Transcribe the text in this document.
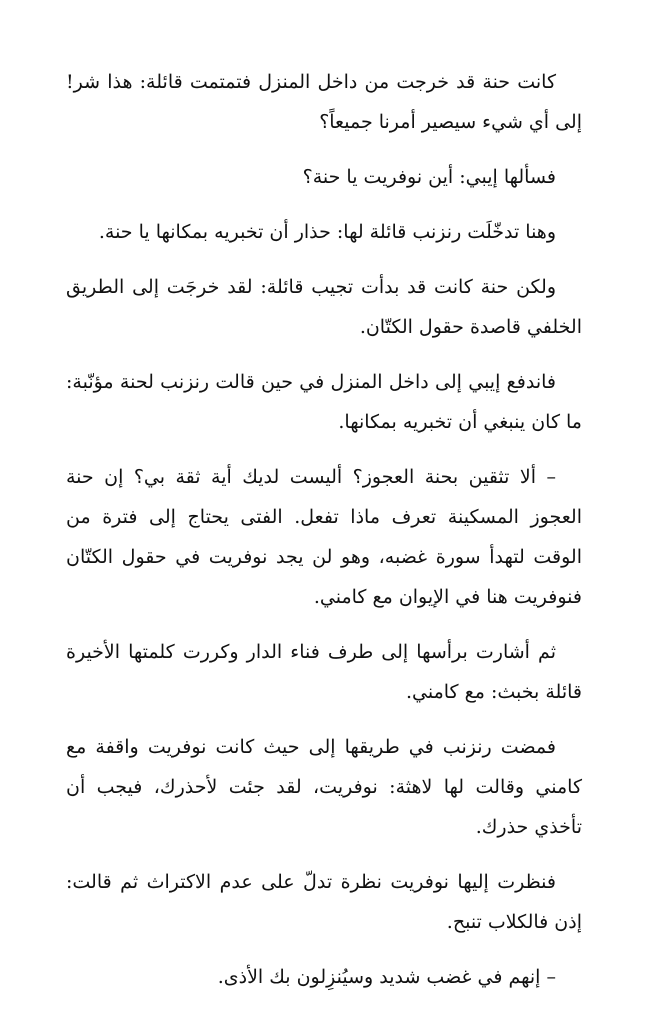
كانت حنة قد خرجت من داخل المنزل فتمتمت قائلة: هذا شر! إلى أي شيء سيصير أمرنا جميعاً؟

فسألها إيبي: أين نوفريت يا حنة؟

وهنا تدخّلَت رنزنب قائلة لها: حذار أن تخبريه بمكانها يا حنة.

ولكن حنة كانت قد بدأت تجيب قائلة: لقد خرجَت إلى الطريق الخلفي قاصدة حقول الكتّان.

فاندفع إيبي إلى داخل المنزل في حين قالت رنزنب لحنة مؤنّبة: ما كان ينبغي أن تخبريه بمكانها.

– ألا تثقين بحنة العجوز؟ أليست لديك أية ثقة بي؟ إن حنة العجوز المسكينة تعرف ماذا تفعل. الفتى يحتاج إلى فترة من الوقت لتهدأ سورة غضبه، وهو لن يجد نوفريت في حقول الكتّان فنوفريت هنا في الإيوان مع كامني.

ثم أشارت برأسها إلى طرف فناء الدار وكررت كلمتها الأخيرة قائلة بخبث: مع كامني.

فمضت رنزنب في طريقها إلى حيث كانت نوفريت واقفة مع كامني وقالت لها لاهثة: نوفريت، لقد جئت لأحذرك، فيجب أن تأخذي حذرك.

فنظرت إليها نوفريت نظرة تدلّ على عدم الاكتراث ثم قالت: إذن فالكلاب تنبح.

– إنهم في غضب شديد وسيُنزِلون بك الأذى.
